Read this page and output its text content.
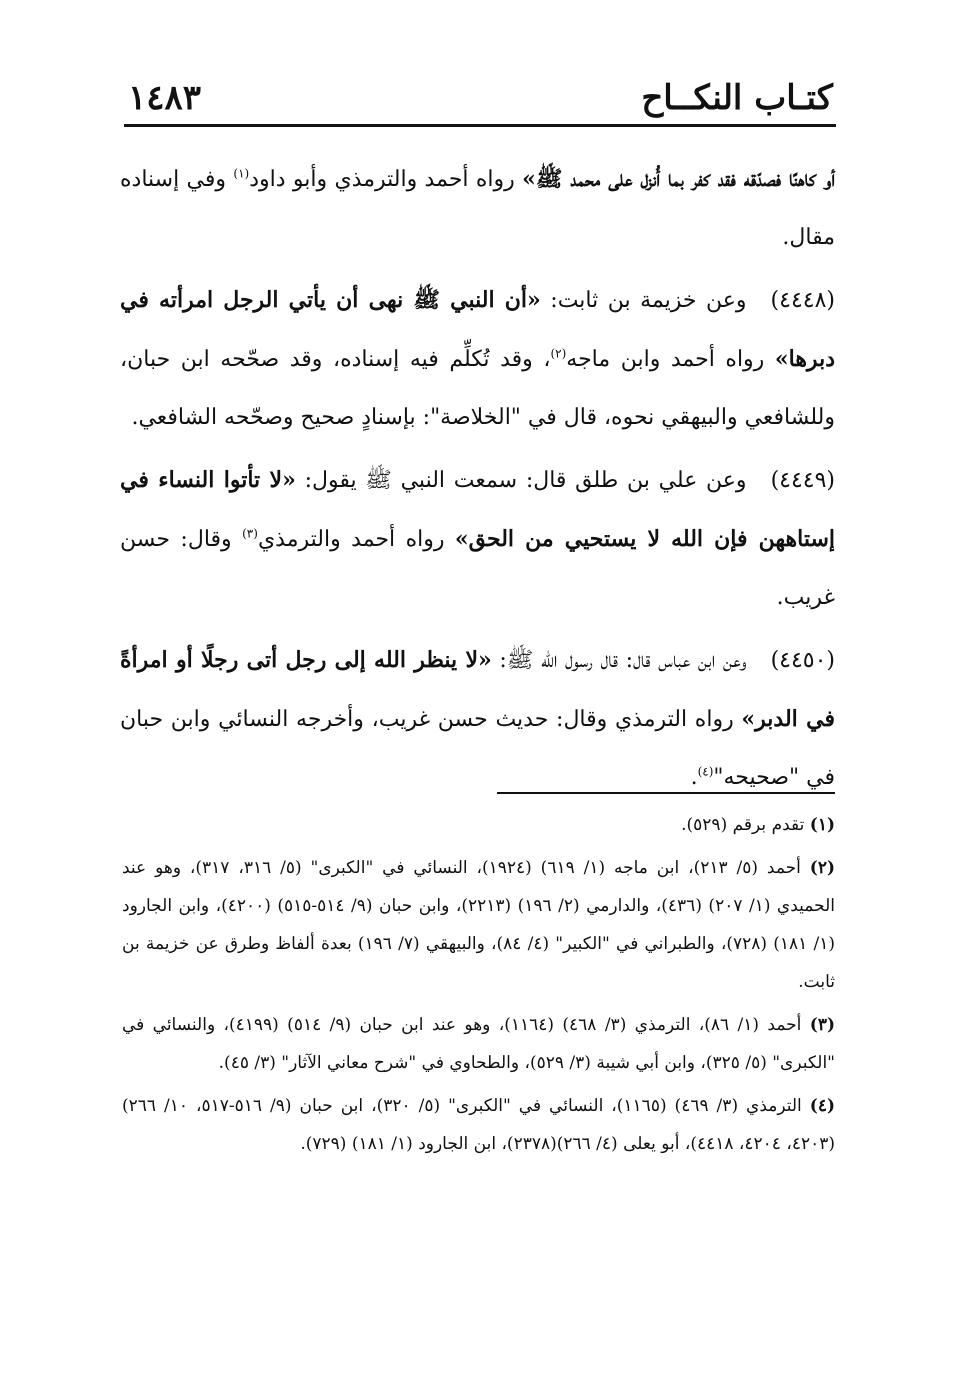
كتـاب النكــاح
١٤٨٣

أو كاهنًا فصدّقه فقد كفر بما أُنزل على محمد ﷺ» رواه أحمد والترمذي وأبو داود$^{(١)}$ وفي إسناده مقال.

(٤٤٤٨)وعن خزيمة بن ثابت: «أن النبي ﷺ نهى أن يأتي الرجل امرأته في دبرها» رواه أحمد وابن ماجه$^{(٢)}$، وقد تُكلِّم فيه إسناده، وقد صحّحه ابن حبان، وللشافعي والبيهقي نحوه، قال في "الخلاصة": بإسنادٍ صحيح وصحّحه الشافعي.

(٤٤٤٩)وعن علي بن طلق قال: سمعت النبي ﷺ يقول: «لا تأتوا النساء في إستاههن فإن الله لا يستحيي من الحق» رواه أحمد والترمذي$^{(٣)}$ وقال: حسن غريب.

(٤٤٥٠)وعن ابن عباس قال: قال رسول الله ﷺ: «لا ينظر الله إلى رجل أتى رجلًا أو امرأةً في الدبر» رواه الترمذي وقال: حديث حسن غريب، وأخرجه النسائي وابن حبان في "صحيحه"$^{(٤)}$.

(١) تقدم برقم (٥٢٩).

(٢) أحمد (٥/ ٢١٣)، ابن ماجه (١/ ٦١٩) (١٩٢٤)، النسائي في "الكبرى" (٥/ ٣١٦، ٣١٧)، وهو عند الحميدي (١/ ٢٠٧) (٤٣٦)، والدارمي (٢/ ١٩٦) (٢٢١٣)، وابن حبان (٩/ ٥١٤-٥١٥) (٤٢٠٠)، وابن الجارود (١/ ١٨١) (٧٢٨)، والطبراني في "الكبير" (٤/ ٨٤)، والبيهقي (٧/ ١٩٦) بعدة ألفاظ وطرق عن خزيمة بن ثابت.

(٣) أحمد (١/ ٨٦)، الترمذي (٣/ ٤٦٨) (١١٦٤)، وهو عند ابن حبان (٩/ ٥١٤) (٤١٩٩)، والنسائي في "الكبرى" (٥/ ٣٢٥)، وابن أبي شيبة (٣/ ٥٢٩)، والطحاوي في "شرح معاني الآثار" (٣/ ٤٥).

(٤) الترمذي (٣/ ٤٦٩) (١١٦٥)، النسائي في "الكبرى" (٥/ ٣٢٠)، ابن حبان (٩/ ٥١٦-٥١٧، ١٠/ ٢٦٦)(٤٢٠٣، ٤٢٠٤، ٤٤١٨)، أبو يعلى (٤/ ٢٦٦)(٢٣٧٨)، ابن الجارود (١/ ١٨١) (٧٢٩).
